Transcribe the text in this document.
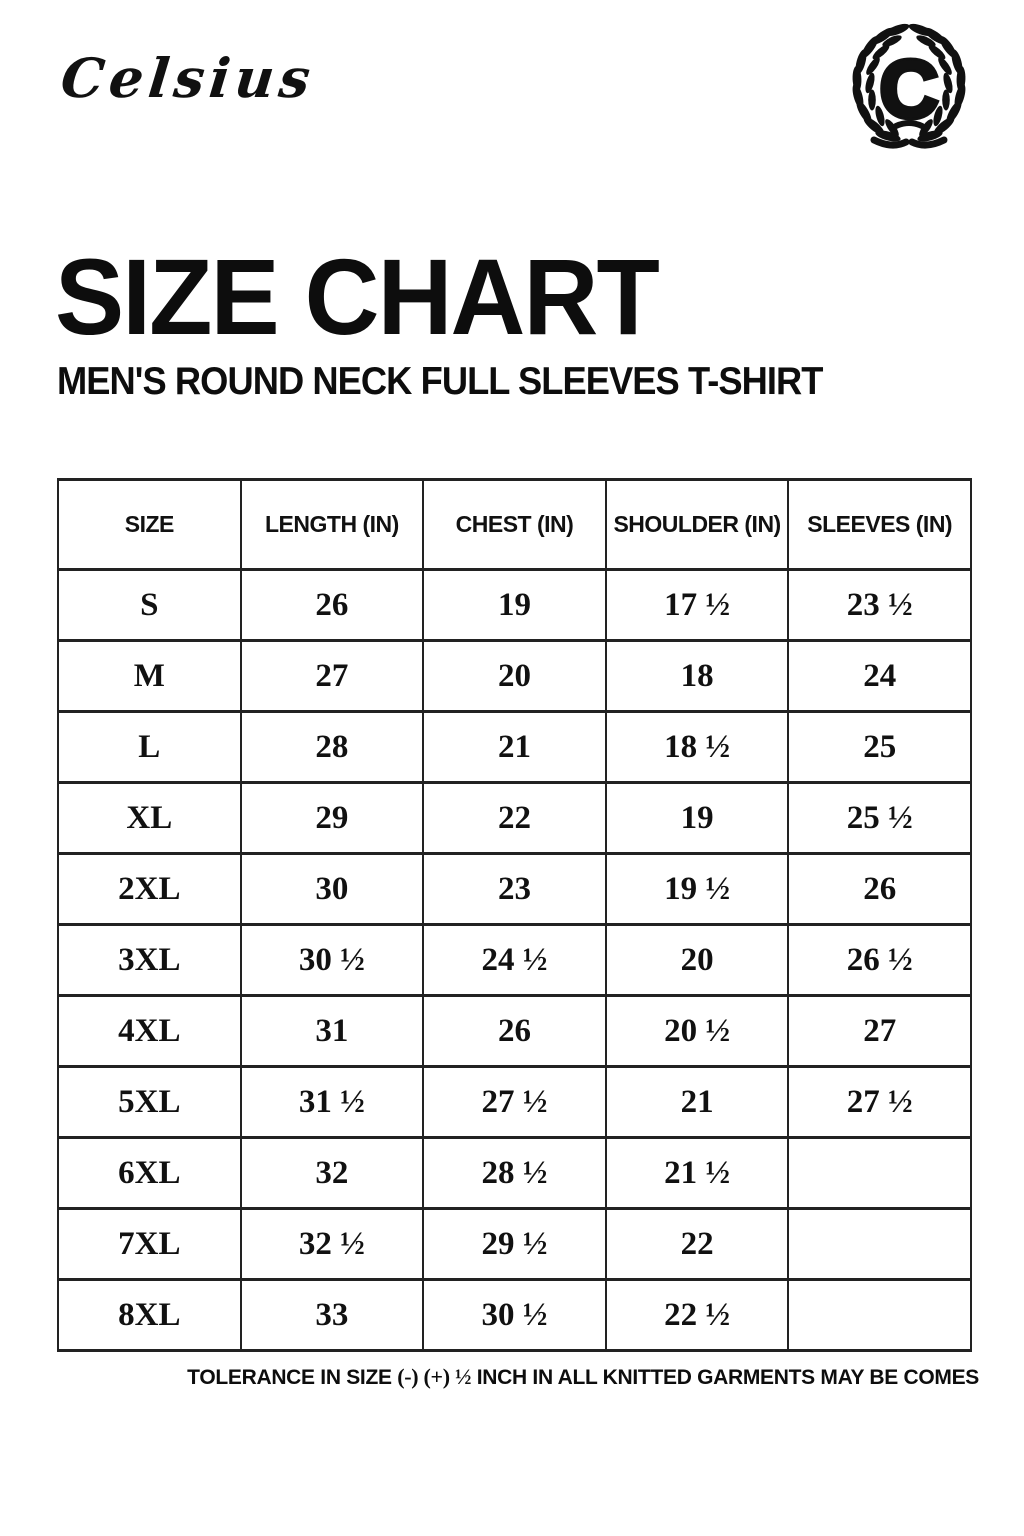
Celsius	C
SIZE CHART
MEN'S ROUND NECK FULL SLEEVES T-SHIRT
SIZE	LENGTH (IN)	CHEST (IN)	SHOULDER (IN)	SLEEVES (IN)
S	26	19	17 ½	23 ½
M	27	20	18	24
L	28	21	18 ½	25
XL	29	22	19	25 ½
2XL	30	23	19 ½	26
3XL	30 ½	24 ½	20	26 ½
4XL	31	26	20 ½	27
5XL	31 ½	27 ½	21	27 ½
6XL	32	28 ½	21 ½	
7XL	32 ½	29 ½	22	
8XL	33	30 ½	22 ½	
TOLERANCE IN SIZE (-) (+) ½ INCH IN ALL KNITTED GARMENTS MAY BE COMES
